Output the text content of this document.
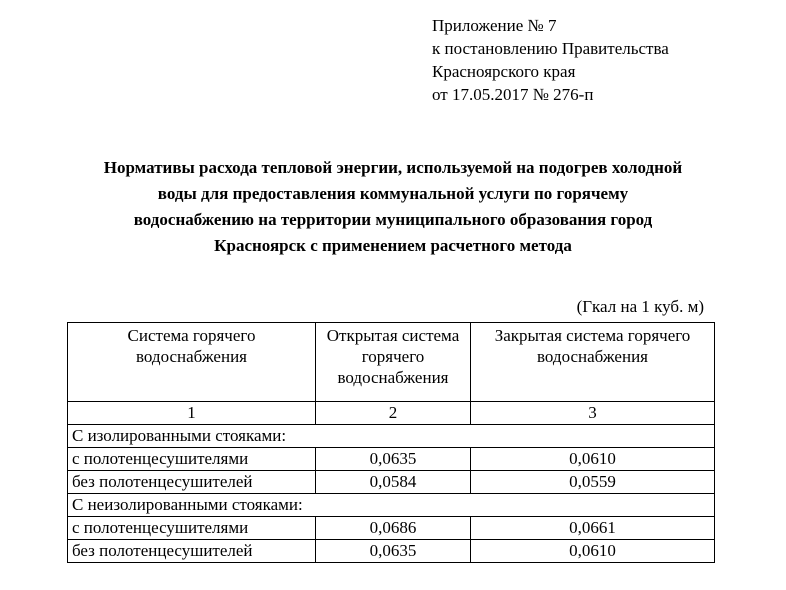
Приложение № 7
к постановлению Правительства
Красноярского края
от 17.05.2017 № 276-п
Нормативы расхода тепловой энергии, используемой на подогрев холодной
воды для предоставления коммунальной услуги по горячему
водоснабжению на территории муниципального образования город
Красноярск с применением расчетного метода
(Гкал на 1 куб. м)
Система горячего водоснабжения	Открытая система горячего водоснабжения	Закрытая система горячего водоснабжения
1	2	3
С изолированными стояками:		
с полотенцесушителями	0,0635	0,0610
без полотенцесушителей	0,0584	0,0559
С неизолированными стояками:		
с полотенцесушителями	0,0686	0,0661
без полотенцесушителей	0,0635	0,0610
